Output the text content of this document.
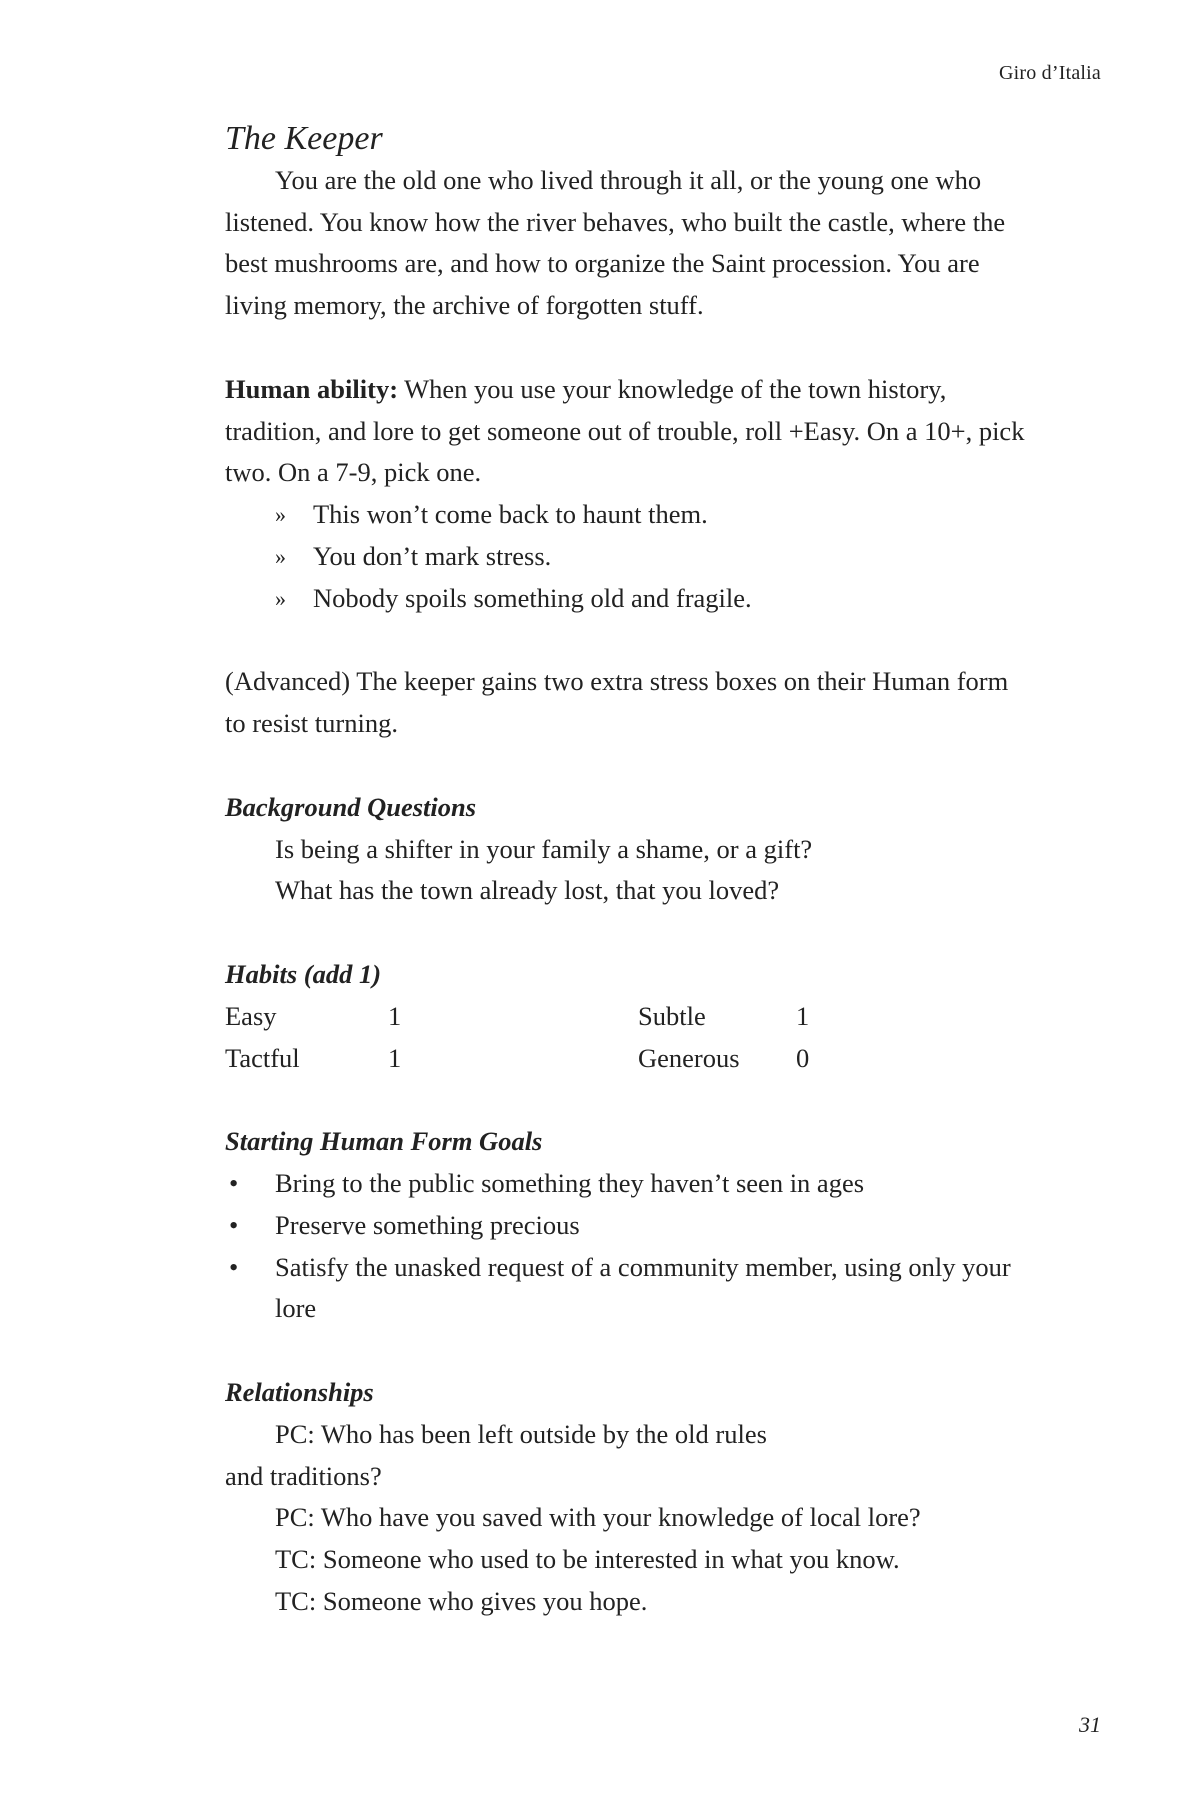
Giro d’Italia

The Keeper

You are the old one who lived through it all, or the young one who listened. You know how the river behaves, who built the castle, where the best mushrooms are, and how to organize the Saint procession. You are living memory, the archive of forgotten stuff.

Human ability: When you use your knowledge of the town history, tradition, and lore to get someone out of trouble, roll +Easy. On a 10+, pick two. On a 7-9, pick one.

»	This won’t come back to haunt them.
»	You don’t mark stress.
»	Nobody spoils something old and fragile.

(Advanced) The keeper gains two extra stress boxes on their Human form to resist turning.

Background Questions

Is being a shifter in your family a shame, or a gift?

What has the town already lost, that you loved?

Habits (add 1)

Easy	1	Subtle	1
Tactful	1	Generous	0

Starting Human Form Goals

•	Bring to the public something they haven’t seen in ages
•	Preserve something precious
•	Satisfy the unasked request of a community member, using only your lore

Relationships

PC: Who has been left outside by the old rules

and traditions?

PC: Who have you saved with your knowledge of local lore?

TC: Someone who used to be interested in what you know.

TC: Someone who gives you hope.

31
